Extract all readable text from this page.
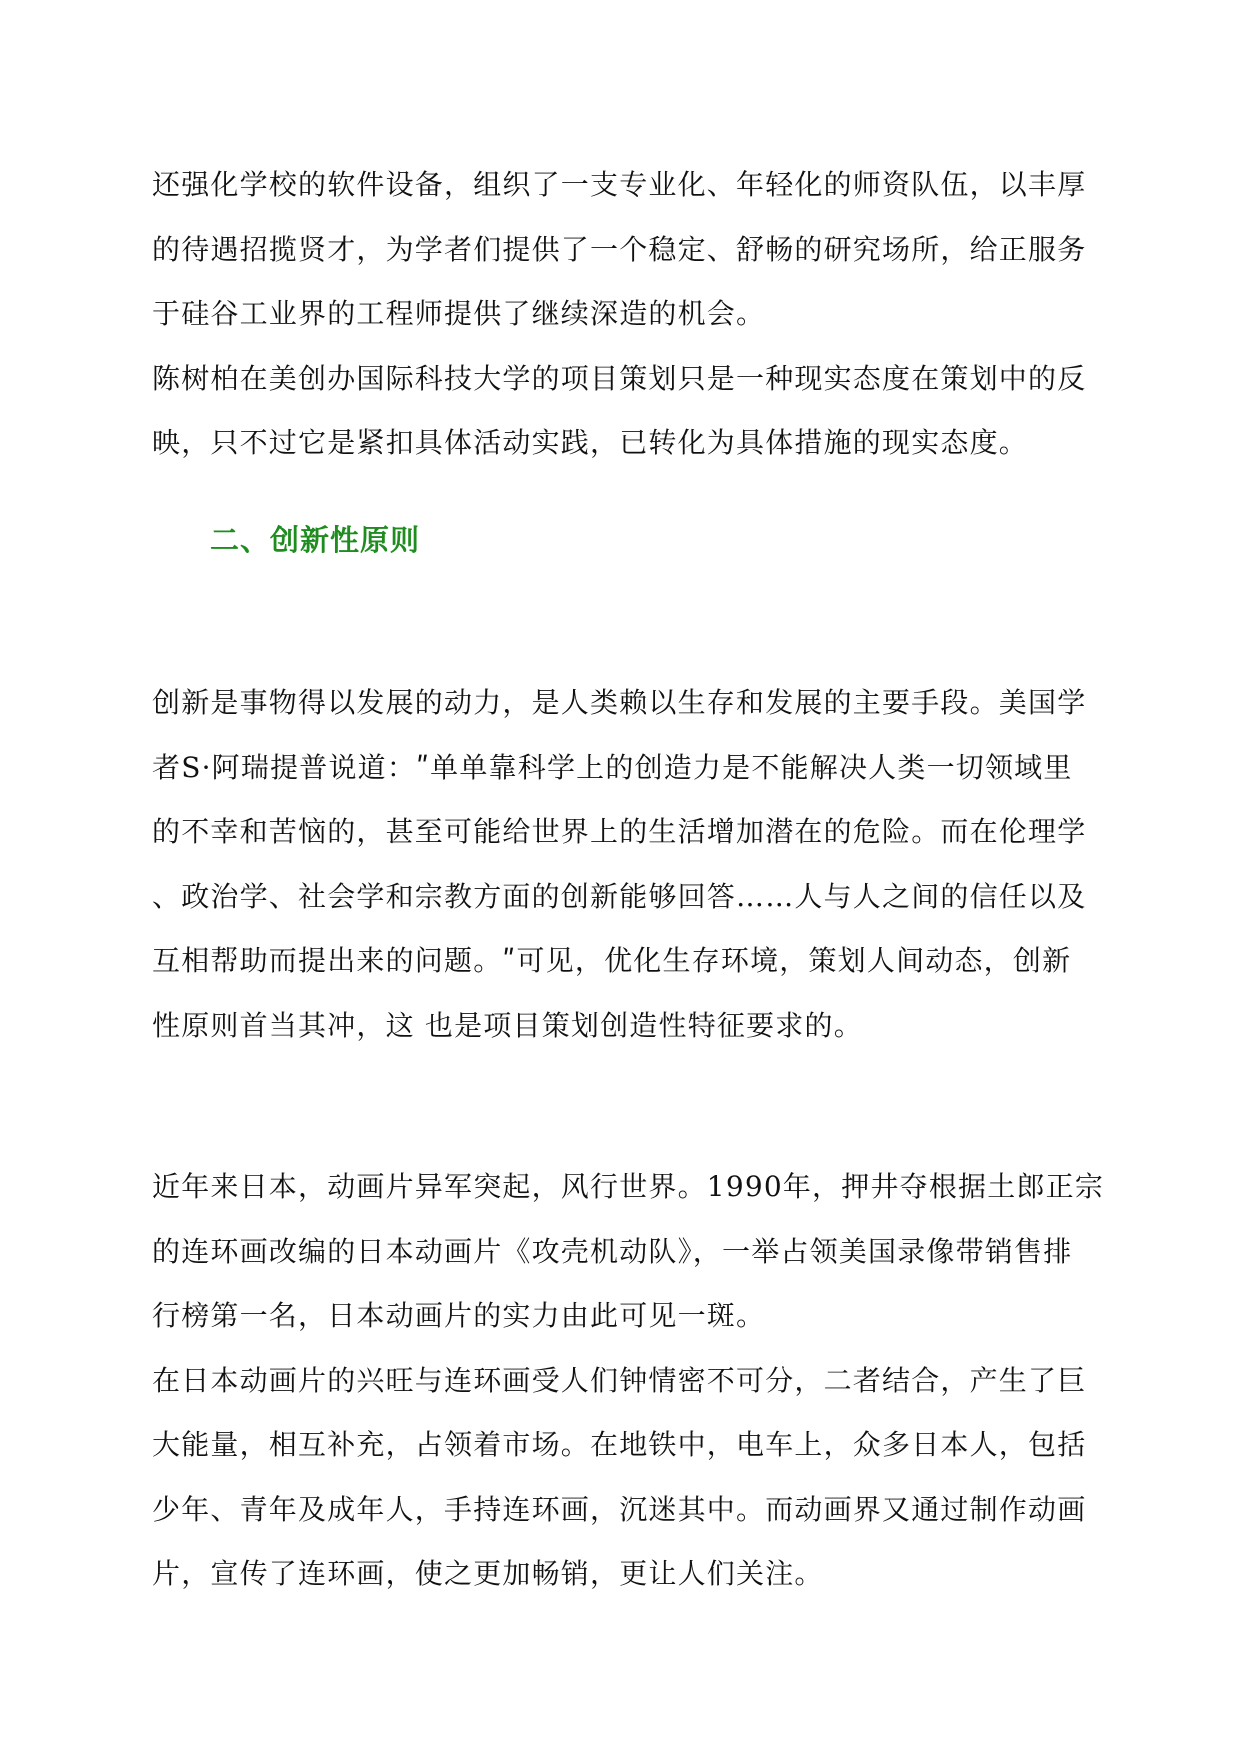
还强化学校的软件设备，组织了一支专业化、年轻化的师资队伍，以丰厚
的待遇招揽贤才，为学者们提供了一个稳定、舒畅的研究场所，给正服务
于硅谷工业界的工程师提供了继续深造的机会。
陈树柏在美创办国际科技大学的项目策划只是一种现实态度在策划中的反
映，只不过它是紧扣具体活动实践，已转化为具体措施的现实态度。
二、创新性原则
创新是事物得以发展的动力，是人类赖以生存和发展的主要手段。美国学
者S·阿瑞提普说道：ʺ单单靠科学上的创造力是不能解决人类一切领域里
的不幸和苦恼的，甚至可能给世界上的生活增加潜在的危险。而在伦理学
、政治学、社会学和宗教方面的创新能够回答……人与人之间的信任以及
互相帮助而提出来的问题。ʺ可见，优化生存环境，策划人间动态，创新
性原则首当其冲，这 也是项目策划创造性特征要求的。
近年来日本，动画片异军突起，风行世界。1990年，押井夺根据土郎正宗
的连环画改编的日本动画片《攻壳机动队》，一举占领美国录像带销售排
行榜第一名，日本动画片的实力由此可见一斑。
在日本动画片的兴旺与连环画受人们钟情密不可分，二者结合，产生了巨
大能量，相互补充，占领着市场。在地铁中，电车上，众多日本人，包括
少年、青年及成年人，手持连环画，沉迷其中。而动画界又通过制作动画
片，宣传了连环画，使之更加畅销，更让人们关注。
